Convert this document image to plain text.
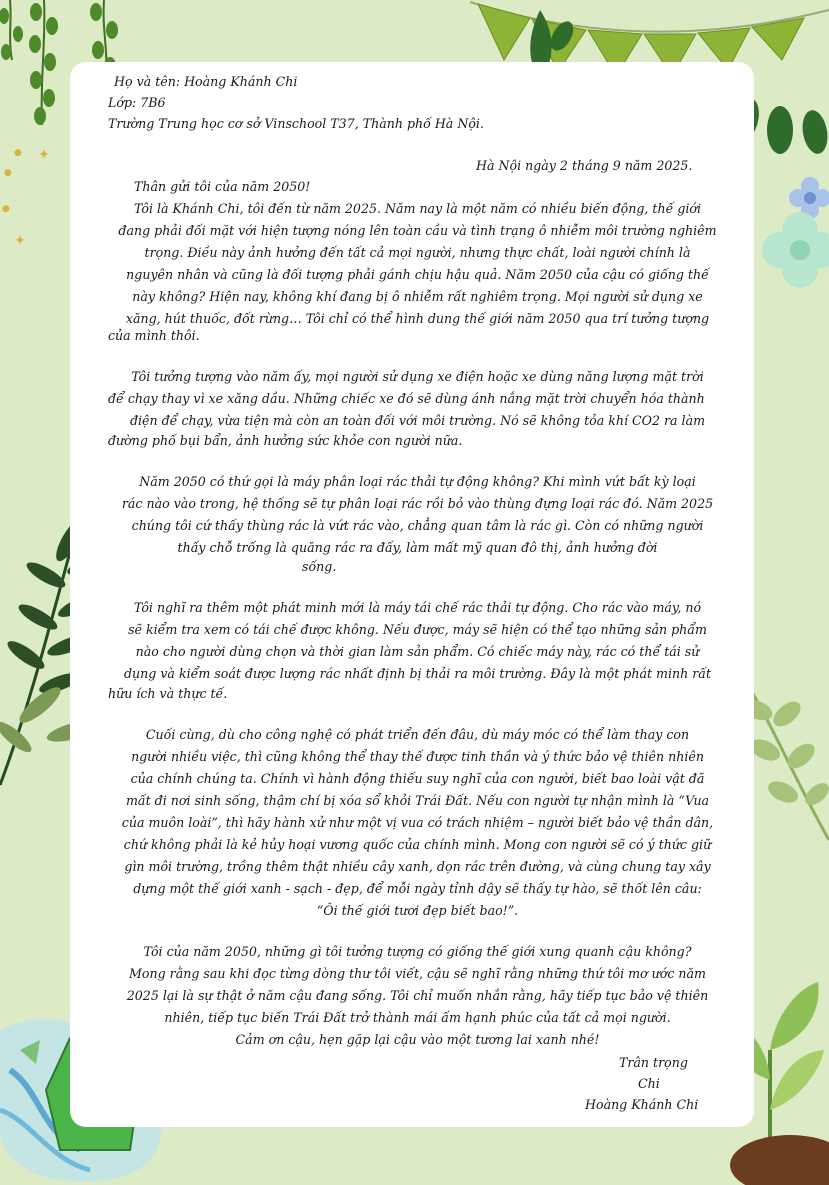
✦
●
●
✦
●

Họ và tên: Hoàng Khánh Chi

Lớp: 7B6

Trường Trung học cơ sở Vinschool T37, Thành phố Hà Nội.

Hà Nội ngày 2 tháng 9 năm 2025.

Thân gửi tôi của năm 2050!

Tôi là Khánh Chi, tôi đến từ năm 2025. Năm nay là một năm có nhiều biến động, thế giới

đang phải đối mặt với hiện tượng nóng lên toàn cầu và tình trạng ô nhiễm môi trường nghiêm

trọng. Điều này ảnh hưởng đến tất cả mọi người, nhưng thực chất, loài người chính là

nguyên nhân và cũng là đối tượng phải gánh chịu hậu quả. Năm 2050 của cậu có giống thế

này không? Hiện nay, không khí đang bị ô nhiễm rất nghiêm trọng. Mọi người sử dụng xe

xăng, hút thuốc, đốt rừng… Tôi chỉ có thể hình dung thế giới năm 2050 qua trí tưởng tượng

của mình thôi.

Tôi tưởng tượng vào năm ấy, mọi người sử dụng xe điện hoặc xe dùng năng lượng mặt trời

để chạy thay vì xe xăng dầu. Những chiếc xe đó sẽ dùng ánh nắng mặt trời chuyển hóa thành

điện để chạy, vừa tiện mà còn an toàn đối với môi trường. Nó sẽ không tỏa khí CO2 ra làm

đường phố bụi bẩn, ảnh hưởng sức khỏe con người nữa.

Năm 2050 có thứ gọi là máy phân loại rác thải tự động không? Khi mình vứt bất kỳ loại

rác nào vào trong, hệ thống sẽ tự phân loại rác rồi bỏ vào thùng đựng loại rác đó. Năm 2025

chúng tôi cứ thấy thùng rác là vứt rác vào, chẳng quan tâm là rác gì. Còn có những người

thấy chỗ trống là quăng rác ra đấy, làm mất mỹ quan đô thị, ảnh hưởng đời

sống.

Tôi nghĩ ra thêm một phát minh mới là máy tái chế rác thải tự động. Cho rác vào máy, nó

sẽ kiểm tra xem có tái chế được không. Nếu được, máy sẽ hiện có thể tạo những sản phẩm

nào cho người dùng chọn và thời gian làm sản phẩm. Có chiếc máy này, rác có thể tái sử

dụng và kiểm soát được lượng rác nhất định bị thải ra môi trường. Đây là một phát minh rất

hữu ích và thực tế.

Cuối cùng, dù cho công nghệ có phát triển đến đâu, dù máy móc có thể làm thay con

người nhiều việc, thì cũng không thể thay thế được tinh thần và ý thức bảo vệ thiên nhiên

của chính chúng ta. Chính vì hành động thiếu suy nghĩ của con người, biết bao loài vật đã

mất đi nơi sinh sống, thậm chí bị xóa sổ khỏi Trái Đất. Nếu con người tự nhận mình là “Vua

của muôn loài”, thì hãy hành xử như một vị vua có trách nhiệm – người biết bảo vệ thần dân,

chứ không phải là kẻ hủy hoại vương quốc của chính mình. Mong con người sẽ có ý thức giữ

gìn môi trường, trồng thêm thật nhiều cây xanh, dọn rác trên đường, và cùng chung tay xây

dựng một thế giới xanh - sạch - đẹp, để mỗi ngày tỉnh dậy sẽ thấy tự hào, sẽ thốt lên câu:

“Ôi thế giới tươi đẹp biết bao!”.

Tôi của năm 2050, những gì tôi tưởng tượng có giống thế giới xung quanh cậu không?

Mong rằng sau khi đọc từng dòng thư tôi viết, cậu sẽ nghĩ rằng những thứ tôi mơ ước năm

2025 lại là sự thật ở năm cậu đang sống. Tôi chỉ muốn nhắn rằng, hãy tiếp tục bảo vệ thiên

nhiên, tiếp tục biến Trái Đất trở thành mái ấm hạnh phúc của tất cả mọi người.

Cảm ơn cậu, hẹn gặp lại cậu vào một tương lai xanh nhé!

Trân trọng

Chi

Hoàng Khánh Chi
